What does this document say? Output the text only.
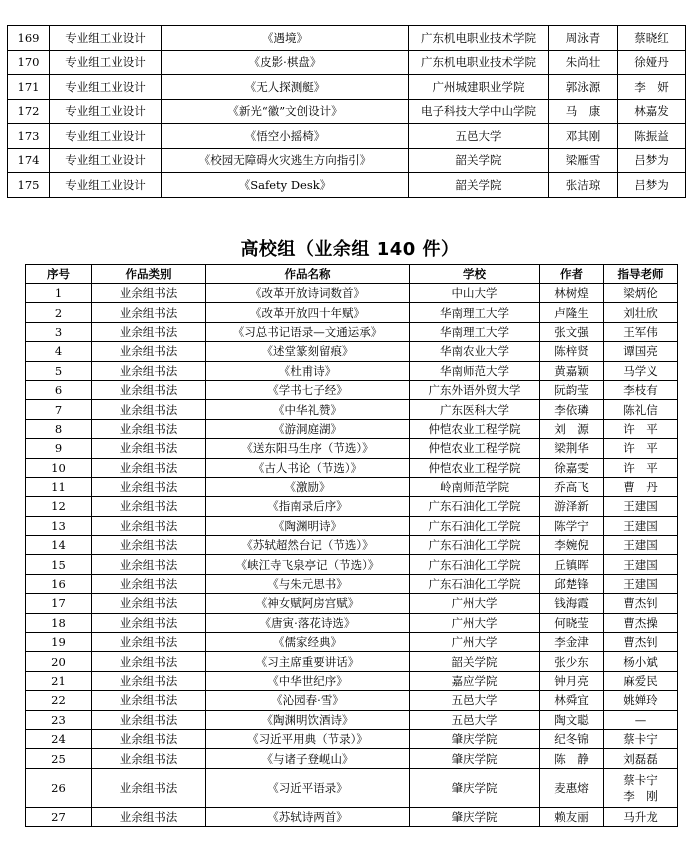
169	专业组工业设计	《遇境》	广东机电职业技术学院	周泳青	蔡晓红
170	专业组工业设计	《皮影·棋盘》	广东机电职业技术学院	朱尚壮	徐娅丹
171	专业组工业设计	《无人探测艇》	广州城建职业学院	郭泳源	李　妍
172	专业组工业设计	《新光“徽”文创设计》	电子科技大学中山学院	马　康	林嘉发
173	专业组工业设计	《悟空小摇椅》	五邑大学	邓其刚	陈振益
174	专业组工业设计	《校园无障碍火灾逃生方向指引》	韶关学院	梁雁雪	吕梦为
175	专业组工业设计	《Safety Desk》	韶关学院	张洁琼	吕梦为
高校组（业余组 140 件）
序号	作品类别	作品名称	学校	作者	指导老师
1	业余组书法	《改革开放诗词数首》	中山大学	林树煌	梁炳伦
2	业余组书法	《改革开放四十年赋》	华南理工大学	卢隆生	刘壮欣
3	业余组书法	《习总书记语录—文通运承》	华南理工大学	张文强	王军伟
4	业余组书法	《述堂篆刻留痕》	华南农业大学	陈梓贤	谭国亮
5	业余组书法	《杜甫诗》	华南师范大学	黄嘉颖	马学义
6	业余组书法	《学书七子经》	广东外语外贸大学	阮韵莹	李枝有
7	业余组书法	《中华礼赞》	广东医科大学	李依璘	陈礼信
8	业余组书法	《游洞庭湖》	仲恺农业工程学院	刘　源	许　平
9	业余组书法	《送东阳马生序（节选）》	仲恺农业工程学院	梁荆华	许　平
10	业余组书法	《古人书论（节选）》	仲恺农业工程学院	徐嘉雯	许　平
11	业余组书法	《激励》	岭南师范学院	乔高飞	曹　丹
12	业余组书法	《指南录后序》	广东石油化工学院	游泽新	王建国
13	业余组书法	《陶渊明诗》	广东石油化工学院	陈学宁	王建国
14	业余组书法	《苏轼超然台记（节选）》	广东石油化工学院	李婉倪	王建国
15	业余组书法	《峡江寺飞泉亭记（节选）》	广东石油化工学院	丘镇晖	王建国
16	业余组书法	《与朱元思书》	广东石油化工学院	邱楚锋	王建国
17	业余组书法	《神女赋阿房宫赋》	广州大学	钱海霞	曹杰钊
18	业余组书法	《唐寅·落花诗选》	广州大学	何晓莹	曹杰操
19	业余组书法	《儒家经典》	广州大学	李金津	曹杰钊
20	业余组书法	《习主席重要讲话》	韶关学院	张少东	杨小斌
21	业余组书法	《中华世纪序》	嘉应学院	钟月亮	麻爱民
22	业余组书法	《沁园春·雪》	五邑大学	林舜宜	姚婵玲
23	业余组书法	《陶渊明饮酒诗》	五邑大学	陶文聪	—
24	业余组书法	《习近平用典（节录）》	肇庆学院	纪冬锦	蔡卡宁
25	业余组书法	《与诸子登岘山》	肇庆学院	陈　静	刘磊磊
26	业余组书法	《习近平语录》	肇庆学院	麦惠熔	蔡卡宁
李　刚

27	业余组书法	《苏轼诗两首》	肇庆学院	赖友丽	马升龙
